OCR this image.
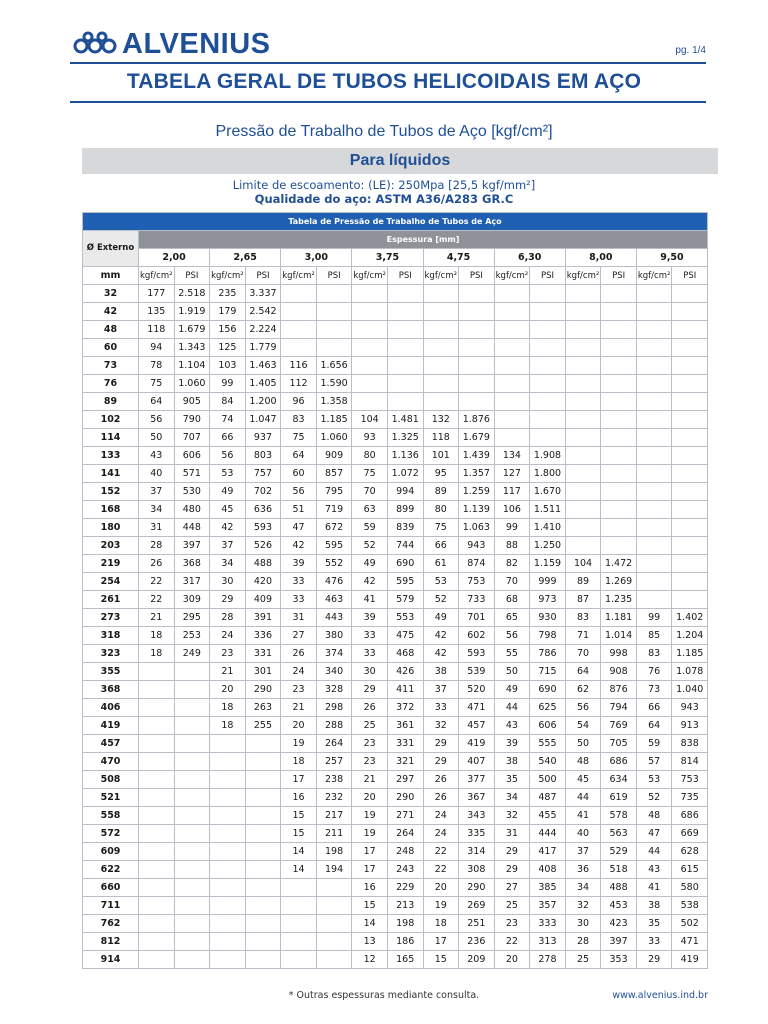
ALVENIUS	pg. 1/4
TABELA GERAL DE TUBOS HELICOIDAIS EM AÇO
Pressão de Trabalho de Tubos de Aço [kgf/cm²]
Para líquidos
Limite de escoamento: (LE): 250Mpa [25,5 kgf/mm²]
Qualidade do aço: ASTM A36/A283 GR.C
Tabela de Pressão de Trabalho de Tubos de Aço																
Ø Externo	Espessura [mm]															
	2,00		2,65		3,00		3,75		4,75		6,30		8,00		9,50	
mm	kgf/cm²	PSI	kgf/cm²	PSI	kgf/cm²	PSI	kgf/cm²	PSI	kgf/cm²	PSI	kgf/cm²	PSI	kgf/cm²	PSI	kgf/cm²	PSI
32	177	2.518	235	3.337												
42	135	1.919	179	2.542												
48	118	1.679	156	2.224												
60	94	1.343	125	1.779												
73	78	1.104	103	1.463	116	1.656										
76	75	1.060	99	1.405	112	1.590										
89	64	905	84	1.200	96	1.358										
102	56	790	74	1.047	83	1.185	104	1.481	132	1.876						
114	50	707	66	937	75	1.060	93	1.325	118	1.679						
133	43	606	56	803	64	909	80	1.136	101	1.439	134	1.908				
141	40	571	53	757	60	857	75	1.072	95	1.357	127	1.800				
152	37	530	49	702	56	795	70	994	89	1.259	117	1.670				
168	34	480	45	636	51	719	63	899	80	1.139	106	1.511				
180	31	448	42	593	47	672	59	839	75	1.063	99	1.410				
203	28	397	37	526	42	595	52	744	66	943	88	1.250				
219	26	368	34	488	39	552	49	690	61	874	82	1.159	104	1.472		
254	22	317	30	420	33	476	42	595	53	753	70	999	89	1.269		
261	22	309	29	409	33	463	41	579	52	733	68	973	87	1.235		
273	21	295	28	391	31	443	39	553	49	701	65	930	83	1.181	99	1.402
318	18	253	24	336	27	380	33	475	42	602	56	798	71	1.014	85	1.204
323	18	249	23	331	26	374	33	468	42	593	55	786	70	998	83	1.185
355			21	301	24	340	30	426	38	539	50	715	64	908	76	1.078
368			20	290	23	328	29	411	37	520	49	690	62	876	73	1.040
406			18	263	21	298	26	372	33	471	44	625	56	794	66	943
419			18	255	20	288	25	361	32	457	43	606	54	769	64	913
457					19	264	23	331	29	419	39	555	50	705	59	838
470					18	257	23	321	29	407	38	540	48	686	57	814
508					17	238	21	297	26	377	35	500	45	634	53	753
521					16	232	20	290	26	367	34	487	44	619	52	735
558					15	217	19	271	24	343	32	455	41	578	48	686
572					15	211	19	264	24	335	31	444	40	563	47	669
609					14	198	17	248	22	314	29	417	37	529	44	628
622					14	194	17	243	22	308	29	408	36	518	43	615
660							16	229	20	290	27	385	34	488	41	580
711							15	213	19	269	25	357	32	453	38	538
762							14	198	18	251	23	333	30	423	35	502
812							13	186	17	236	22	313	28	397	33	471
914							12	165	15	209	20	278	25	353	29	419
* Outras espessuras mediante consulta.	www.alvenius.ind.br
